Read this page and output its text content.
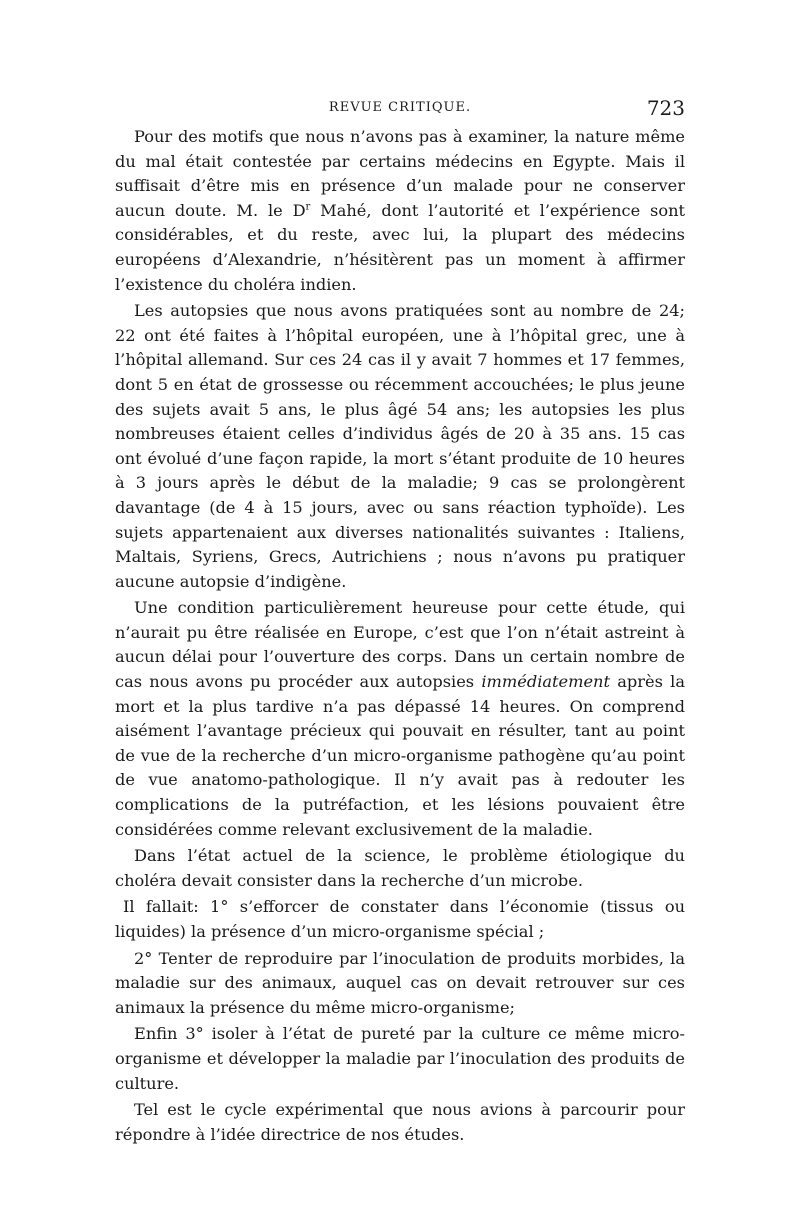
REVUE CRITIQUE.	723

Pour des motifs que nous n’avons pas à examiner, la nature même du mal était contestée par certains médecins en Egypte. Mais il suffisait d’être mis en présence d’un malade pour ne conserver aucun doute. M. le $D^r$ Mahé, dont l’autorité et l’expérience sont considérables, et du reste, avec lui, la plupart des médecins européens d’Alexandrie, n’hésitèrent pas un moment à affirmer l’existence du choléra indien.

Les autopsies que nous avons pratiquées sont au nombre de 24; 22 ont été faites à l’hôpital européen, une à l’hôpital grec, une à l’hôpital allemand. Sur ces 24 cas il y avait 7 hommes et 17 femmes, dont 5 en état de grossesse ou récemment accouchées; le plus jeune des sujets avait 5 ans, le plus âgé 54 ans; les autopsies les plus nombreuses étaient celles d’individus âgés de 20 à 35 ans. 15 cas ont évolué d’une façon rapide, la mort s’étant produite de 10 heures à 3 jours après le début de la maladie; 9 cas se prolongèrent davantage (de 4 à 15 jours, avec ou sans réaction typhoïde). Les sujets appartenaient aux diverses nationalités suivantes : Italiens, Maltais, Syriens, Grecs, Autrichiens ; nous n’avons pu pratiquer aucune autopsie d’indigène.

Une condition particulièrement heureuse pour cette étude, qui n’aurait pu être réalisée en Europe, c’est que l’on n’était astreint à aucun délai pour l’ouverture des corps. Dans un certain nombre de cas nous avons pu procéder aux autopsies immédiatement après la mort et la plus tardive n’a pas dépassé 14 heures. On comprend aisément l’avantage précieux qui pouvait en résulter, tant au point de vue de la recherche d’un micro-organisme pathogène qu’au point de vue anatomo-pathologique. Il n’y avait pas à redouter les complications de la putréfaction, et les lésions pouvaient être considérées comme relevant exclusivement de la maladie.

Dans l’état actuel de la science, le problème étiologique du choléra devait consister dans la recherche d’un microbe.

Il fallait: 1° s’efforcer de constater dans l’économie (tissus ou liquides) la présence d’un micro-organisme spécial ;

2° Tenter de reproduire par l’inoculation de produits morbides, la maladie sur des animaux, auquel cas on devait retrouver sur ces animaux la présence du même micro-organisme;

Enfin 3° isoler à l’état de pureté par la culture ce même micro-organisme et développer la maladie par l’inoculation des produits de culture.

Tel est le cycle expérimental que nous avions à parcourir pour répondre à l’idée directrice de nos études.
